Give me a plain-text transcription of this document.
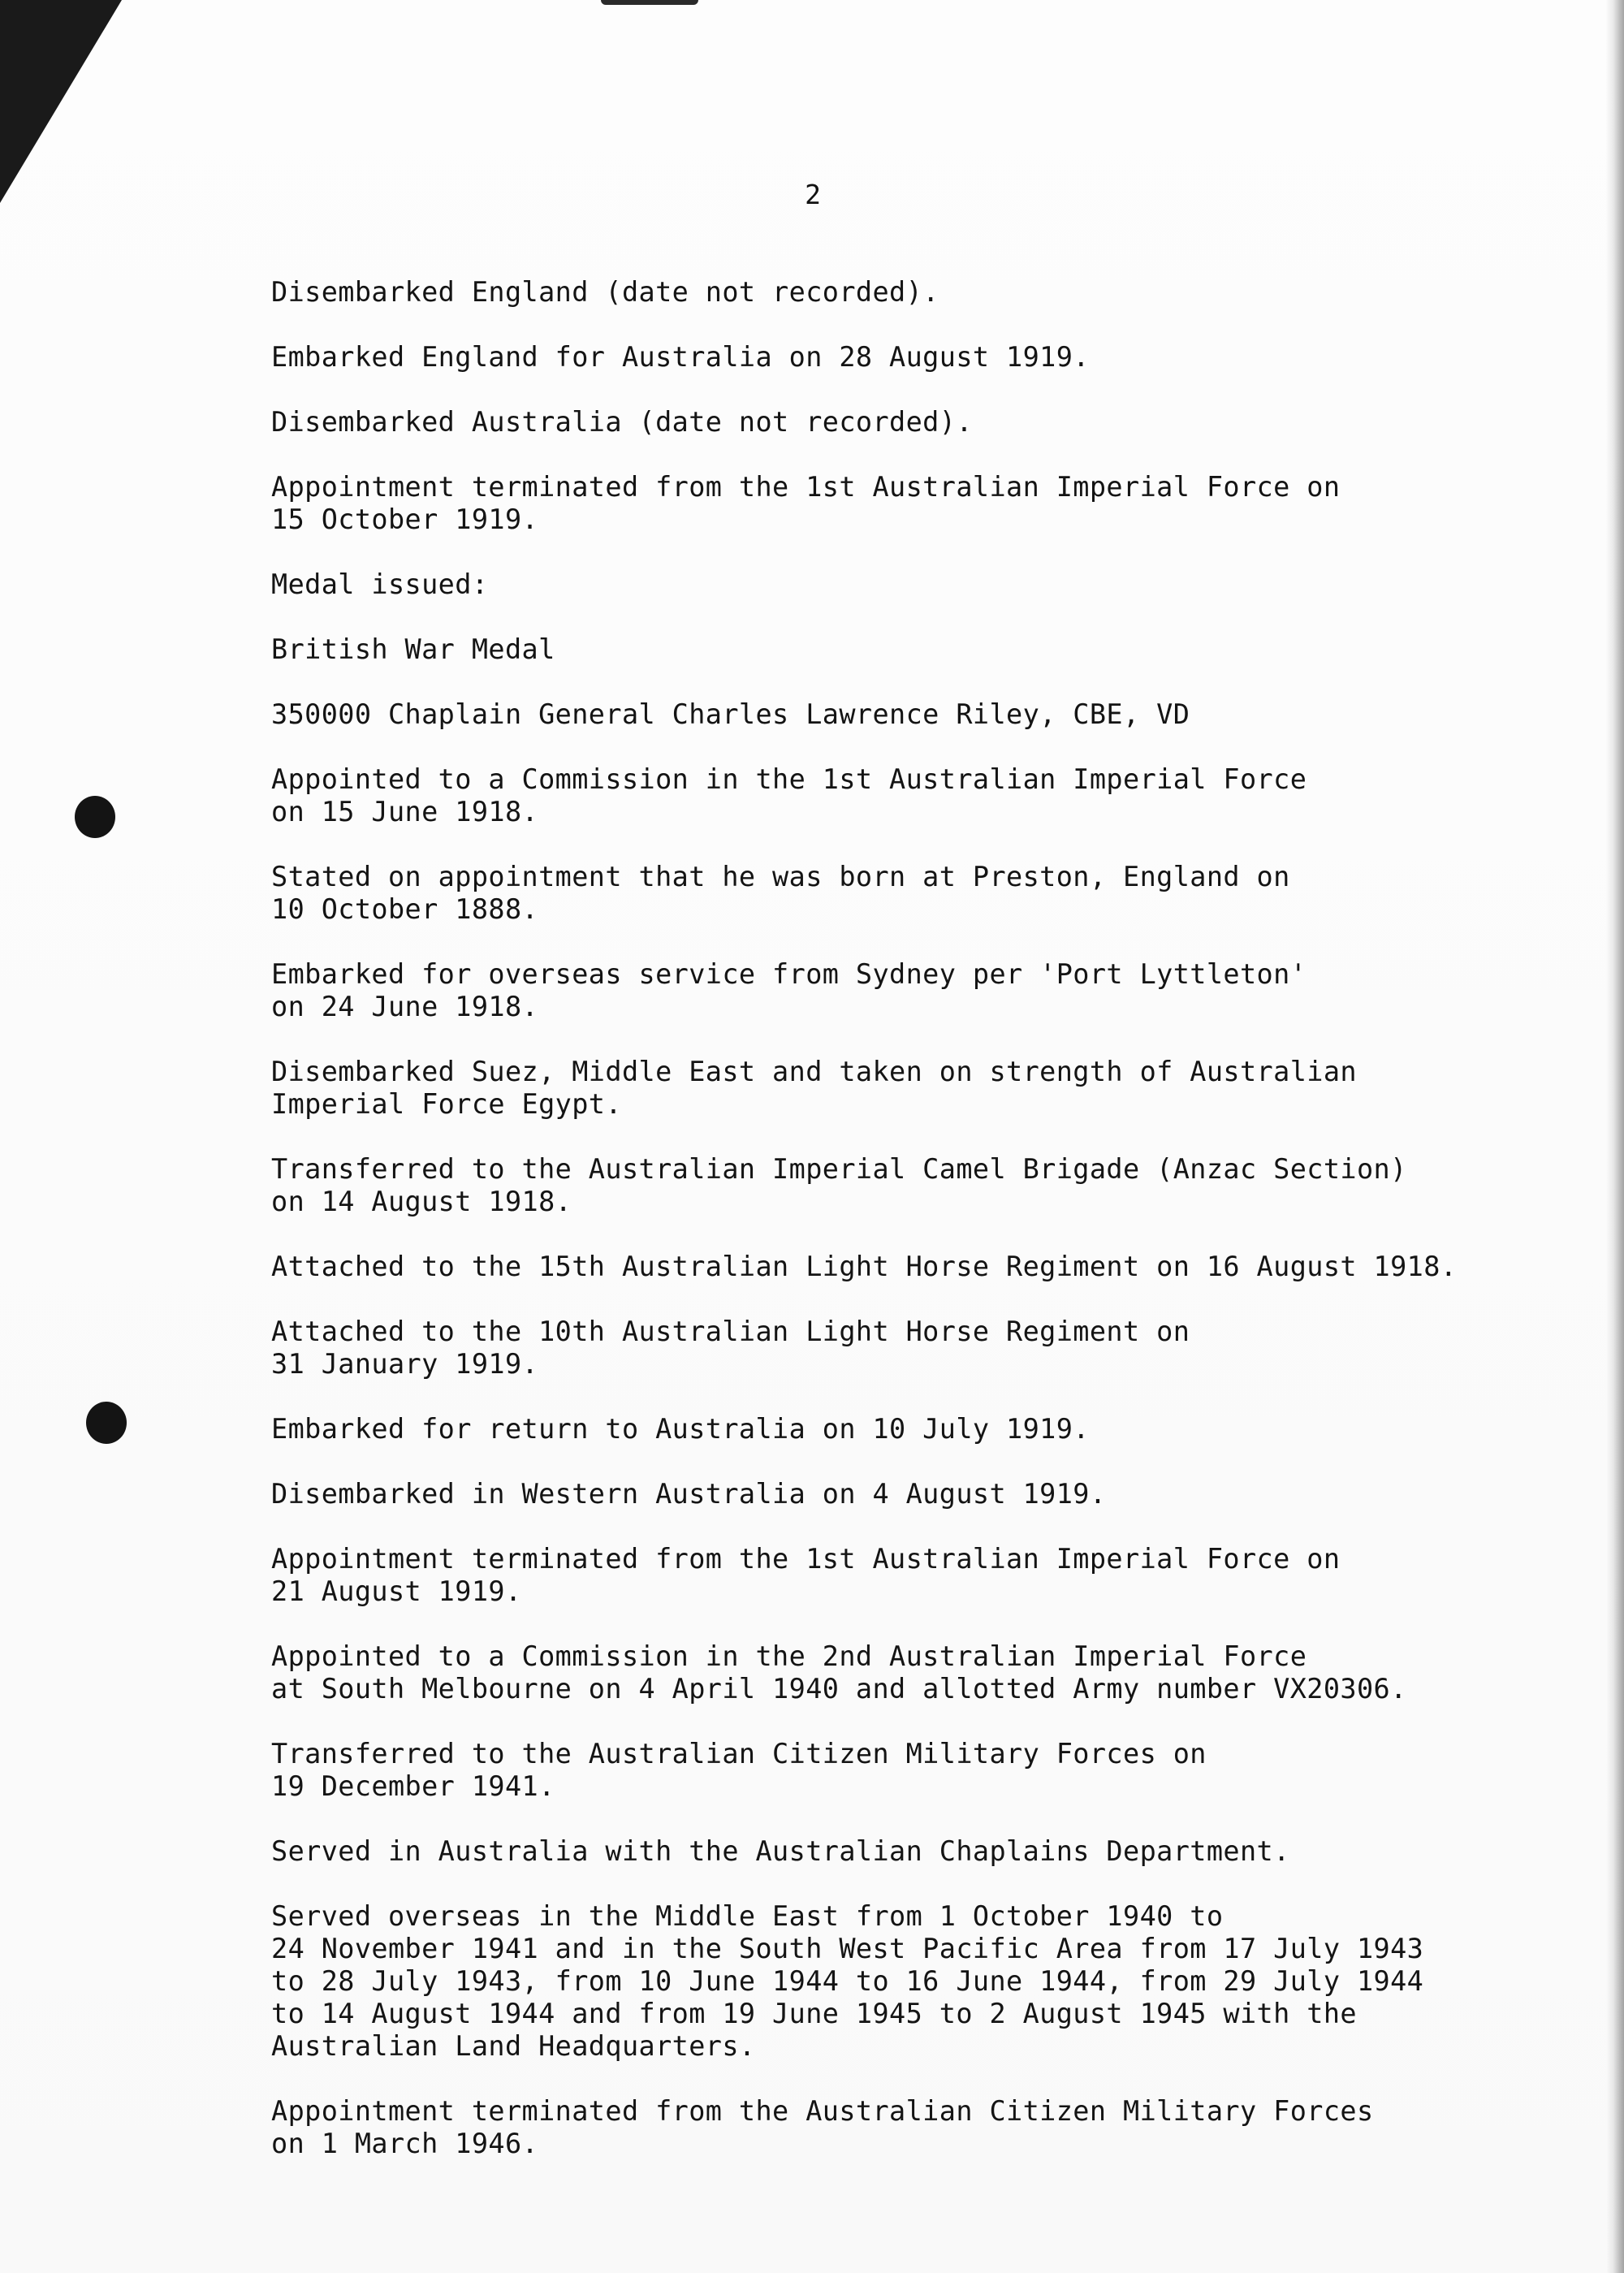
2

Disembarked England (date not recorded).

Embarked England for Australia on 28 August 1919.

Disembarked Australia (date not recorded).

Appointment terminated from the 1st Australian Imperial Force on
15 October 1919.

Medal issued:

British War Medal

350000 Chaplain General Charles Lawrence Riley, CBE, VD

Appointed to a Commission in the 1st Australian Imperial Force
on 15 June 1918.

Stated on appointment that he was born at Preston, England on
10 October 1888.

Embarked for overseas service from Sydney per 'Port Lyttleton'
on 24 June 1918.

Disembarked Suez, Middle East and taken on strength of Australian
Imperial Force Egypt.

Transferred to the Australian Imperial Camel Brigade (Anzac Section)
on 14 August 1918.

Attached to the 15th Australian Light Horse Regiment on 16 August 1918.

Attached to the 10th Australian Light Horse Regiment on
31 January 1919.

Embarked for return to Australia on 10 July 1919.

Disembarked in Western Australia on 4 August 1919.

Appointment terminated from the 1st Australian Imperial Force on
21 August 1919.

Appointed to a Commission in the 2nd Australian Imperial Force
at South Melbourne on 4 April 1940 and allotted Army number VX20306.

Transferred to the Australian Citizen Military Forces on
19 December 1941.

Served in Australia with the Australian Chaplains Department.

Served overseas in the Middle East from 1 October 1940 to
24 November 1941 and in the South West Pacific Area from 17 July 1943
to 28 July 1943, from 10 June 1944 to 16 June 1944, from 29 July 1944
to 14 August 1944 and from 19 June 1945 to 2 August 1945 with the
Australian Land Headquarters.

Appointment terminated from the Australian Citizen Military Forces
on 1 March 1946.
